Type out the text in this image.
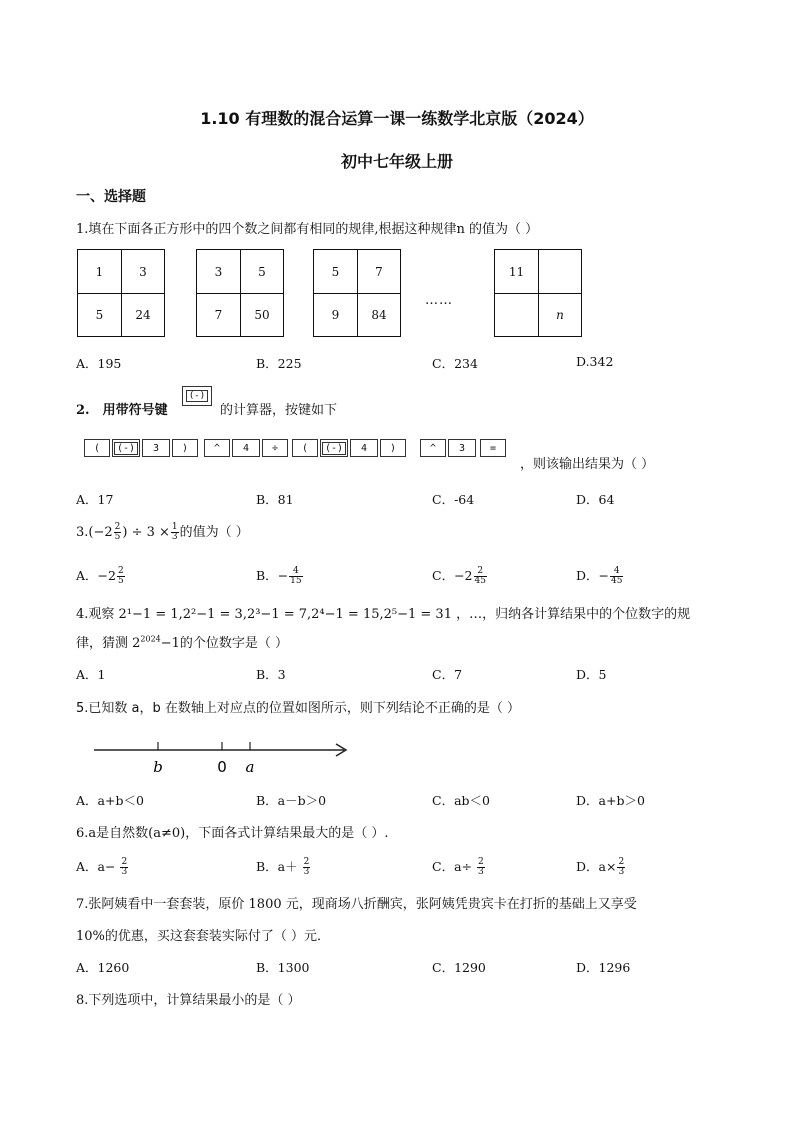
1.10 有理数的混合运算一课一练数学北京版（2024）
初中七年级上册
一、选择题
1.填在下面各正方形中的四个数之间都有相同的规律,根据这种规律n 的值为（ ）
1	3
5	24
3	5
7	50
5	7
9	84
……
11
n
A．195	B．225	C．234	D.342
2.　用带符号键
(-)
的计算器，按键如下
(	(-)	3 )	^ 4 ÷ (	(-)	4 )	^ 3 =
，则该输出结果为（ ）
A．17	B．81	C．-64	D．64
$3.(-2 \frac{2}{5}$ ) ÷ $3 \times \frac{1}{3}$ 的值为（ ）
A．$-2 \frac{2}{5}$	B．− $\frac{4}{15}$	C．$-2 \frac{2}{45}$	D．− $\frac{4}{45}$
4.观察 2¹−1 = 1,2²−1 = 3,2³−1 = 7,2⁴−1 = 15,2⁵−1 = 31 ，…，归纳各计算结果中的个位数字的规
律，猜测 $2^{2024}-1$的个位数字是（ ）
A．1	B．3	C．7	D．5
5.已知数 a，b 在数轴上对应点的位置如图所示，则下列结论不正确的是（ ）
b	0 a
A．a+b＜0	B．a－b＞0	C．ab＜0	D．a+b＞0
6.a是自然数(a≠0)，下面各式计算结果最大的是（ ）.
A．$a- \frac{2}{3}$	B．$a+ \frac{2}{3}$	C．$a\div \frac{2}{3}$	D．$a\times \frac{2}{3}$
7.张阿姨看中一套套装，原价 1800 元，现商场八折酬宾，张阿姨凭贵宾卡在打折的基础上又享受
10%的优惠，买这套套装实际付了（ ）元．
A．1260	B．1300	C．1290	D．1296
8.下列选项中，计算结果最小的是（ ）
